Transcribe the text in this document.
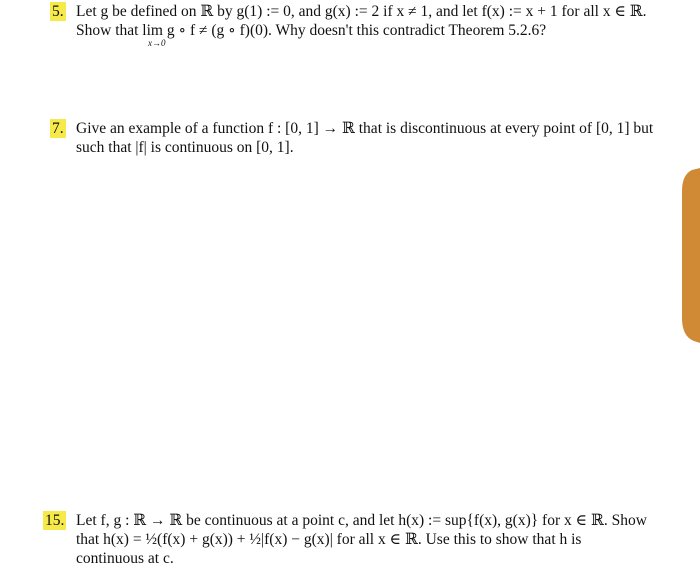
5. Let g be defined on ℝ by g(1) := 0, and g(x) := 2 if x ≠ 1, and let f(x) := x + 1 for all x ∈ ℝ.
Show that lim g ∘ f ≠ (g ∘ f)(0). Why doesn't this contradict Theorem 5.2.6?
x→0
7. Give an example of a function f : [0, 1] → ℝ that is discontinuous at every point of [0, 1] but
such that |f| is continuous on [0, 1].
15. Let f, g : ℝ → ℝ be continuous at a point c, and let h(x) := sup{f(x), g(x)} for x ∈ ℝ. Show
that h(x) = ½(f(x) + g(x)) + ½|f(x) − g(x)| for all x ∈ ℝ. Use this to show that h is
continuous at c.
